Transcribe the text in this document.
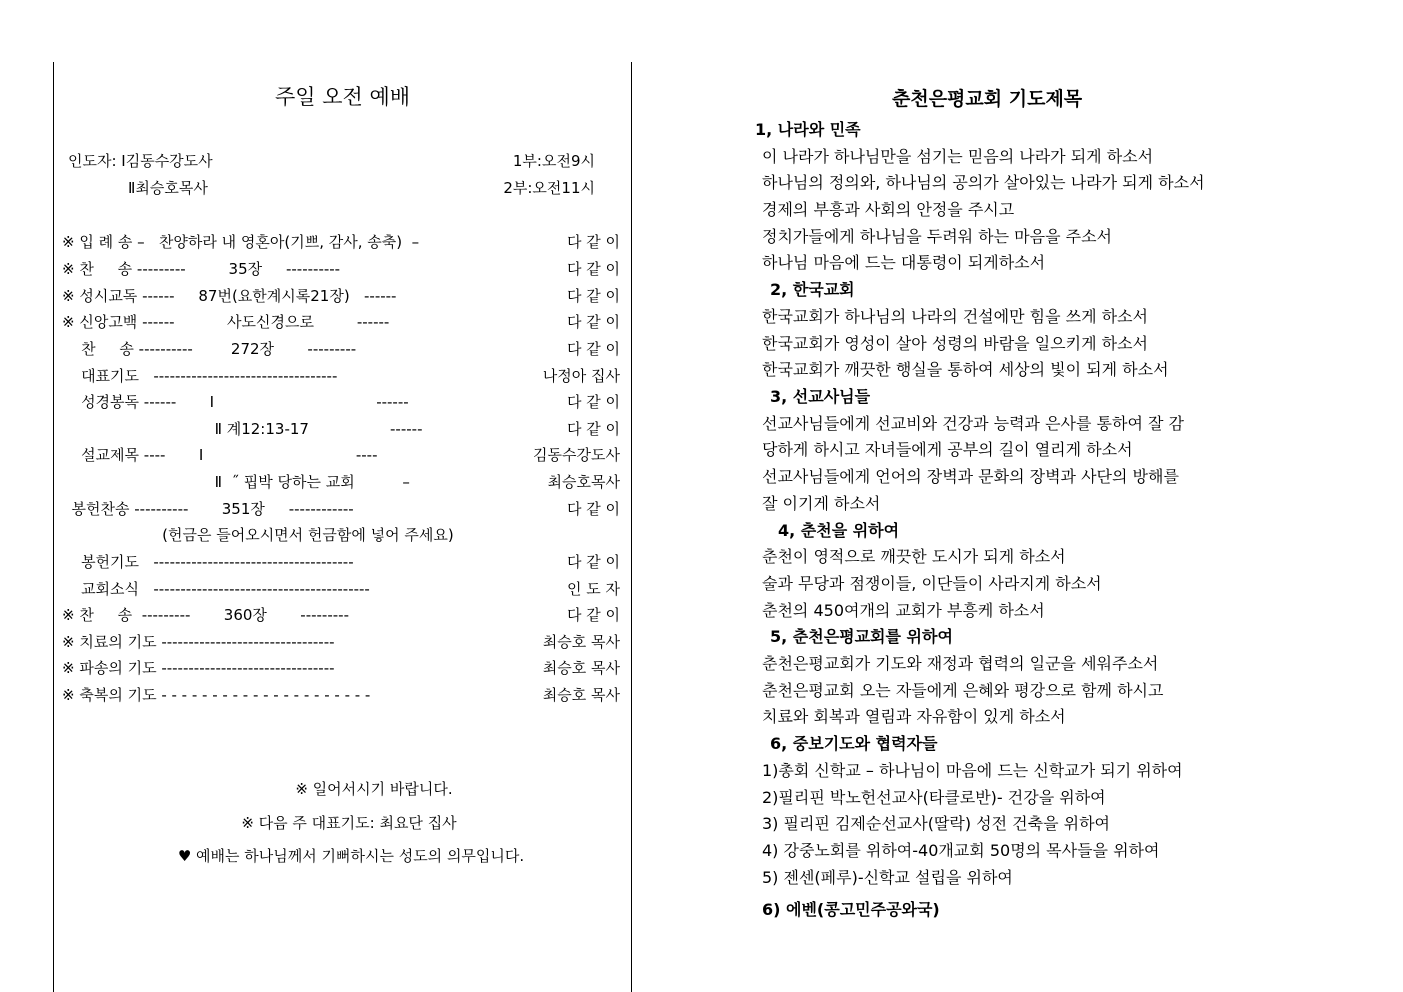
주일 오전 예배
인도자: Ⅰ김동수강도사	1부:오전9시
Ⅱ최승호목사	2부:오전11시
※ 입 례 송 –   찬양하라 내 영혼아(기쁘, 감사, 송축)  –	다 같 이
※ 찬     송 ‐‐‐‐‐‐‐‐‐         35장     ‐‐‐‐‐‐‐‐‐‐	다 같 이
※ 성시교독 ‐‐‐‐‐‐     87번(요한계시록21장)   ‐‐‐‐‐‐	다 같 이
※ 신앙고백 ‐‐‐‐‐‐           사도신경으로         ‐‐‐‐‐‐	다 같 이
찬     송 ‐‐‐‐‐‐‐‐‐‐        272장       ‐‐‐‐‐‐‐‐‐	다 같 이
대표기도   ‐‐‐‐‐‐‐‐‐‐‐‐‐‐‐‐‐‐‐‐‐‐‐‐‐‐‐‐‐‐‐‐‐‐	나정아 집사
성경봉독 ‐‐‐‐‐‐       Ⅰ                                  ‐‐‐‐‐‐	다 같 이
Ⅱ 계12:13-17                 ‐‐‐‐‐‐	다 같 이
설교제목 ‐‐‐‐       Ⅰ                                ‐‐‐‐	김동수강도사
Ⅱ  ˝ 핍박 당하는 교회          –	최승호목사
봉헌찬송 ‐‐‐‐‐‐‐‐‐‐       351장     ‐‐‐‐‐‐‐‐‐‐‐‐	다 같 이
(헌금은 들어오시면서 헌금함에 넣어 주세요)
봉헌기도   ‐‐‐‐‐‐‐‐‐‐‐‐‐‐‐‐‐‐‐‐‐‐‐‐‐‐‐‐‐‐‐‐‐‐‐‐‐	다 같 이
교회소식   ‐‐‐‐‐‐‐‐‐‐‐‐‐‐‐‐‐‐‐‐‐‐‐‐‐‐‐‐‐‐‐‐‐‐‐‐‐‐‐‐	인 도 자
※ 찬     송  ‐‐‐‐‐‐‐‐‐       360장       ‐‐‐‐‐‐‐‐‐	다 같 이
※ 치료의 기도 ‐‐‐‐‐‐‐‐‐‐‐‐‐‐‐‐‐‐‐‐‐‐‐‐‐‐‐‐‐‐‐‐	최승호 목사
※ 파송의 기도 ‐‐‐‐‐‐‐‐‐‐‐‐‐‐‐‐‐‐‐‐‐‐‐‐‐‐‐‐‐‐‐‐	최승호 목사
※ 축복의 기도 ‐ ‐ ‐ ‐ ‐ ‐ ‐ ‐ ‐ ‐ ‐ ‐ ‐ ‐ ‐ ‐ ‐ ‐ ‐ ‐ ‐	최승호 목사
※ 일어서시기 바랍니다.
※ 다음 주 대표기도: 최요단 집사
♥ 예배는 하나님께서 기뻐하시는 성도의 의무입니다.
춘천은평교회 기도제목
1, 나라와 민족
이 나라가 하나님만을 섬기는 믿음의 나라가 되게 하소서
하나님의 정의와, 하나님의 공의가 살아있는 나라가 되게 하소서
경제의 부흥과 사회의 안정을 주시고
정치가들에게 하나님을 두려워 하는 마음을 주소서
하나님 마음에 드는 대통령이 되게하소서
2, 한국교회
한국교회가 하나님의 나라의 건설에만 힘을 쓰게 하소서
한국교회가 영성이 살아 성령의 바람을 일으키게 하소서
한국교회가 깨끗한 행실을 통하여 세상의 빛이 되게 하소서
3, 선교사님들
선교사님들에게 선교비와 건강과 능력과 은사를 통하여 잘 감
당하게 하시고 자녀들에게 공부의 길이 열리게 하소서
선교사님들에게 언어의 장벽과 문화의 장벽과 사단의 방해를
잘 이기게 하소서
4, 춘천을 위하여
춘천이 영적으로 깨끗한 도시가 되게 하소서
술과 무당과 점쟁이들, 이단들이 사라지게 하소서
춘천의 450여개의 교회가 부흥케 하소서
5, 춘천은평교회를 위하여
춘천은평교회가 기도와 재정과 협력의 일군을 세워주소서
춘천은평교회 오는 자들에게 은혜와 평강으로 함께 하시고
치료와 회복과 열림과 자유함이 있게 하소서
6, 중보기도와 협력자들
1)총회 신학교 – 하나님이 마음에 드는 신학교가 되기 위하여
2)필리핀 박노헌선교사(타클로반)- 건강을 위하여
3) 필리핀 김제순선교사(딸락) 성전 건축을 위하여
4) 강중노회를 위하여-40개교회 50명의 목사들을 위하여
5) 젠센(페루)-신학교 설립을 위하여
6) 에벤(콩고민주공와국)
